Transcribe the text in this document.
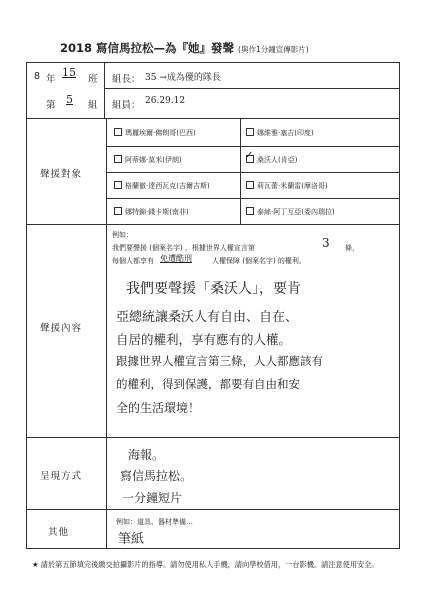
2018 寫信馬拉松—為『她』發聲 (與作1分鐘宣傳影片)
8 年
15
班
第 5 組
組長： 35 →成為優的隊長
組員： 26.29.12
聲援對象
瑪麗埃爾·佛朗哥(巴西)	娜維雅·塞吉(印度)
阿蒂娜·莫米(伊朗)	✓ 桑沃人(肯亞)
格蘭徹·達西瓦克(吉爾吉斯)	莉瓦蕾·米蘭雷(摩洛哥)
娜特錦·錢卡斯(南非)	泰絲·阿丁互亞(委內瑞拉)
聲援內容
例如：
我們要聲援 (個案名字) ，根據世界人權宣言第	3 條，
每個人都享有 免遭酷刑	人權保障 (個案名字) 的權利。
我們要聲援「桑沃人」，要肯
亞總統讓桑沃人有自由、自在、
自居的權利，享有應有的人權。
跟據世界人權宣言第三條，人人都應該有
的權利，得到保護，都要有自由和安
全的生活環境！
呈現方式
海報。
寫信馬拉松。
一分鐘短片
其他
例如：道具、器材準備…
筆紙
★ 請於第五節填完後繳交拍攝影片的指導。請勿使用私人手機，請向學校借用，一台影機。請注意使用安全。
